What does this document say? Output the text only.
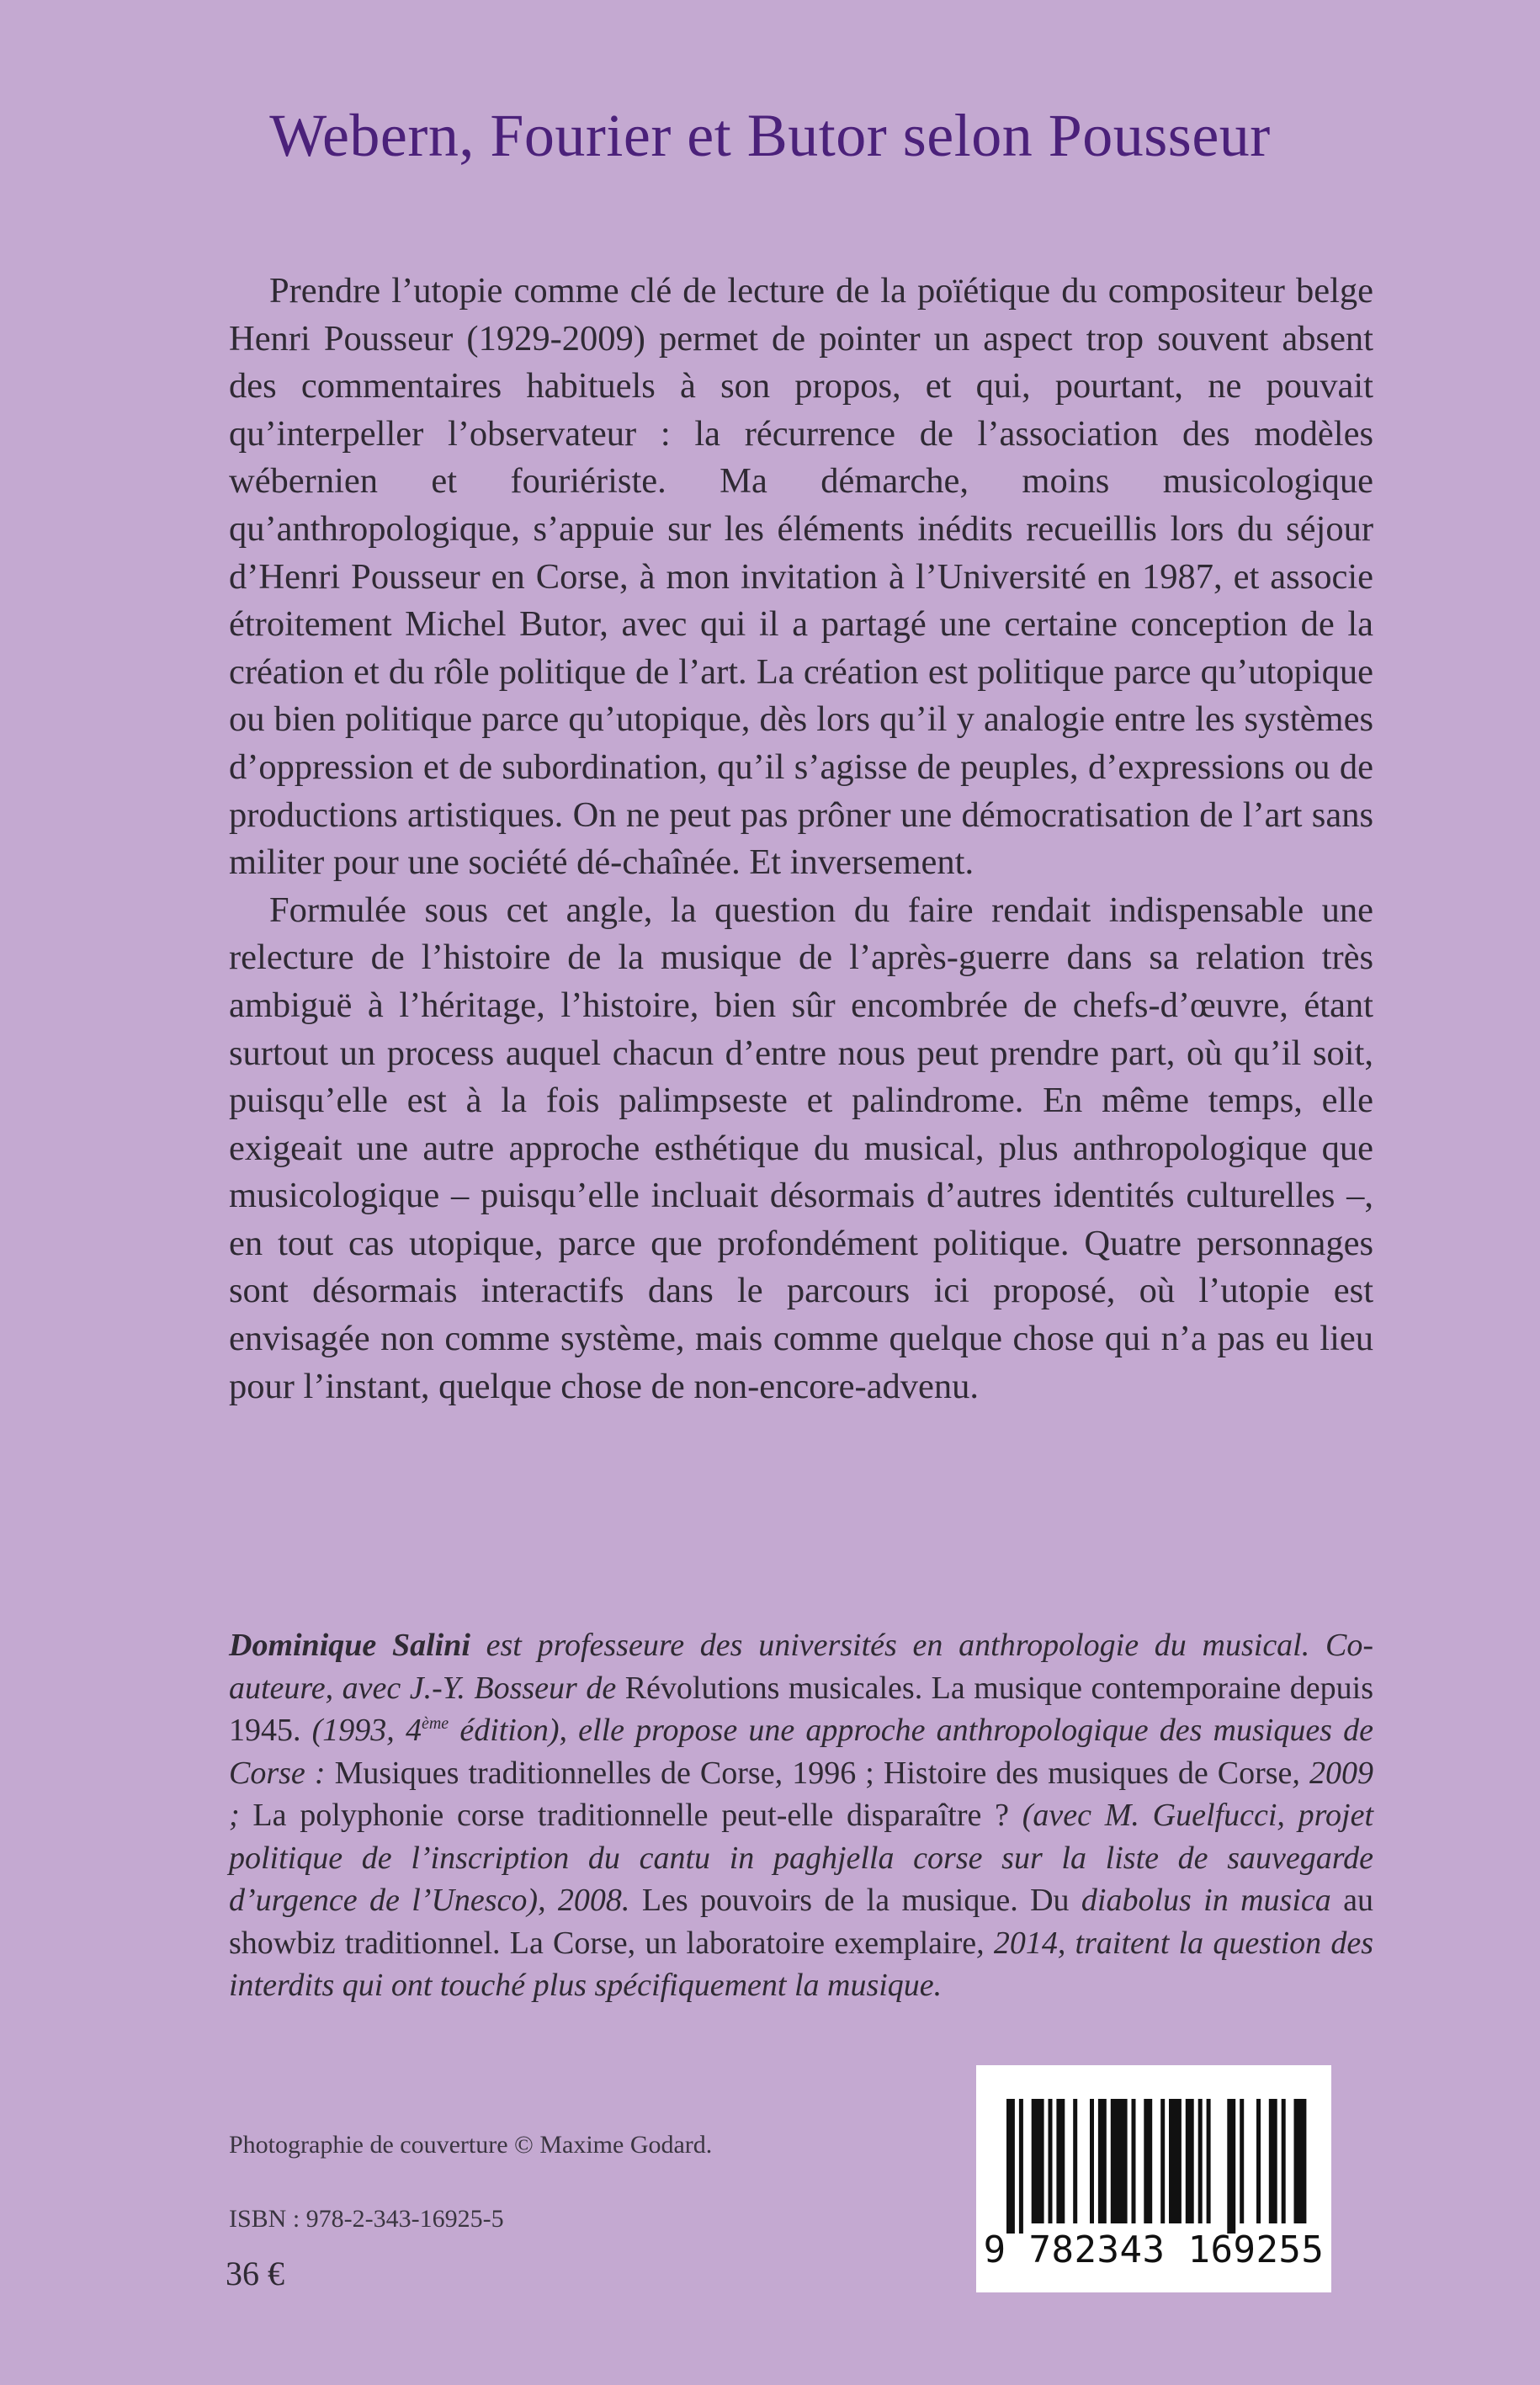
Webern, Fourier et Butor selon Pousseur

Prendre l’utopie comme clé de lecture de la poïétique du compositeur belge Henri Pousseur (1929-2009) permet de pointer un aspect trop souvent absent des commentaires habituels à son propos, et qui, pourtant, ne pouvait qu’interpeller l’observateur : la récurrence de l’association des modèles wébernien et fouriériste. Ma démarche, moins musicologique qu’anthropologique, s’appuie sur les éléments inédits recueillis lors du séjour d’Henri Pousseur en Corse, à mon invitation à l’Université en 1987, et associe étroitement Michel Butor, avec qui il a partagé une certaine conception de la création et du rôle politique de l’art. La création est politique parce qu’utopique ou bien politique parce qu’utopique, dès lors qu’il y analogie entre les systèmes d’oppression et de subordination, qu’il s’agisse de peuples, d’expressions ou de productions artistiques. On ne peut pas prôner une démocratisation de l’art sans militer pour une société dé-chaînée. Et inversement.

Formulée sous cet angle, la question du faire rendait indispensable une relecture de l’histoire de la musique de l’après-guerre dans sa relation très ambiguë à l’héritage, l’histoire, bien sûr encombrée de chefs-d’œuvre, étant surtout un process auquel chacun d’entre nous peut prendre part, où qu’il soit, puisqu’elle est à la fois palimpseste et palindrome. En même temps, elle exigeait une autre approche esthétique du musical, plus anthropologique que musicologique – puisqu’elle incluait désormais d’autres identités culturelles –, en tout cas utopique, parce que profondément politique. Quatre personnages sont désormais interactifs dans le parcours ici proposé, où l’utopie est envisagée non comme système, mais comme quelque chose qui n’a pas eu lieu pour l’instant, quelque chose de non-encore-advenu.

Dominique Salini est professeure des universités en anthropologie du musical. Co-auteure, avec J.-Y. Bosseur de Révolutions musicales. La musique contemporaine depuis 1945. (1993, 4ème édition), elle propose une approche anthropologique des musiques de Corse : Musiques traditionnelles de Corse, 1996 ; Histoire des musiques de Corse, 2009 ; La polyphonie corse traditionnelle peut-elle disparaître ? (avec M. Guelfucci, projet politique de l’inscription du cantu in paghjella corse sur la liste de sauvegarde d’urgence de l’Unesco), 2008. Les pouvoirs de la musique. Du diabolus in musica au showbiz traditionnel. La Corse, un laboratoire exemplaire, 2014, traitent la question des interdits qui ont touché plus spécifiquement la musique.
Photographie de couverture © Maxime Godard.
ISBN : 978-2-343-16925-5
36 €
9 782343 169255
